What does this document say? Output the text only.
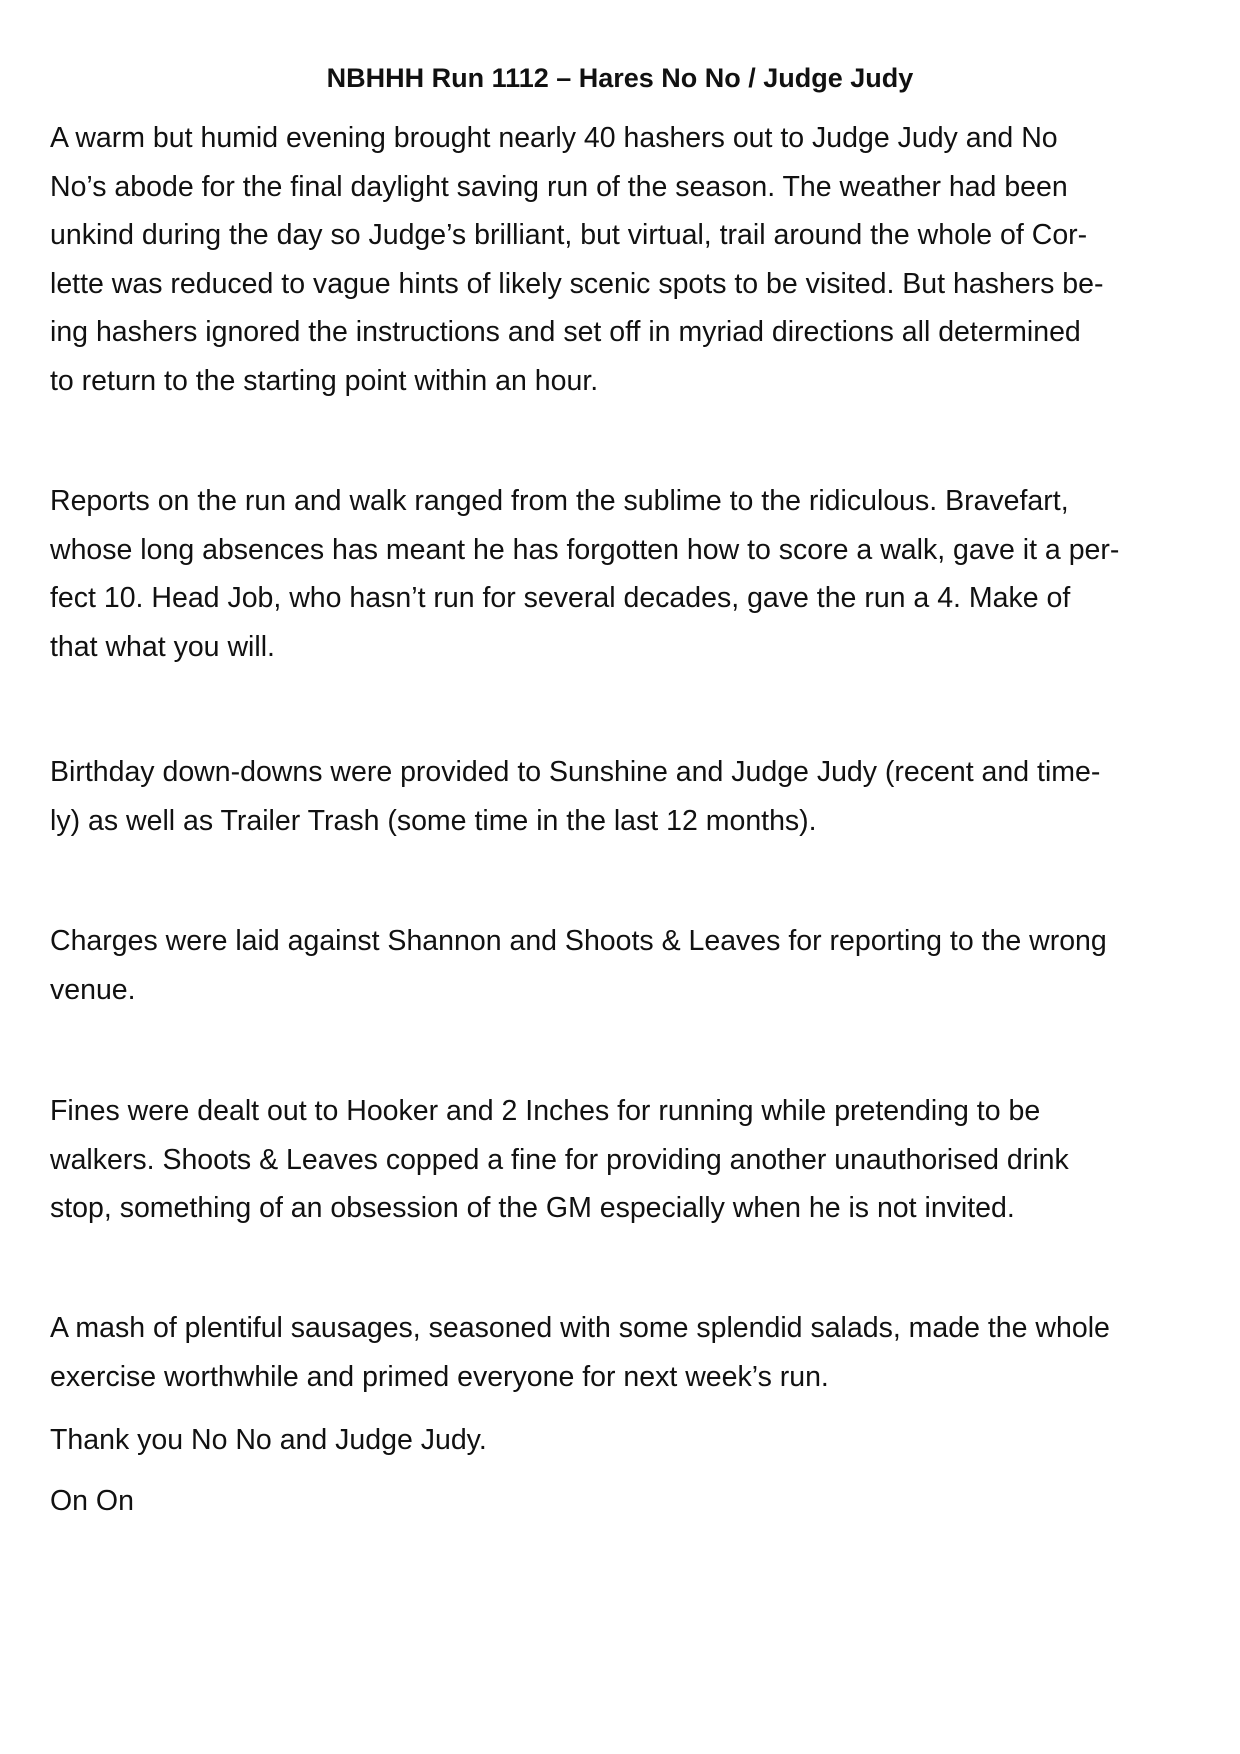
NBHHH Run 1112 – Hares No No / Judge Judy

A warm but humid evening brought nearly 40 hashers out to Judge Judy and No
No’s abode for the final daylight saving run of the season. The weather had been
unkind during the day so Judge’s brilliant, but virtual, trail around the whole of Cor-
lette was reduced to vague hints of likely scenic spots to be visited. But hashers be-
ing hashers ignored the instructions and set off in myriad directions all determined
to return to the starting point within an hour.

Reports on the run and walk ranged from the sublime to the ridiculous. Bravefart,
whose long absences has meant he has forgotten how to score a walk, gave it a per-
fect 10. Head Job, who hasn’t run for several decades, gave the run a 4. Make of
that what you will.

Birthday down-downs were provided to Sunshine and Judge Judy (recent and time-
ly) as well as Trailer Trash (some time in the last 12 months).

Charges were laid against Shannon and Shoots & Leaves for reporting to the wrong
venue.

Fines were dealt out to Hooker and 2 Inches for running while pretending to be
walkers. Shoots & Leaves copped a fine for providing another unauthorised drink
stop, something of an obsession of the GM especially when he is not invited.

A mash of plentiful sausages, seasoned with some splendid salads, made the whole
exercise worthwhile and primed everyone for next week’s run.

Thank you No No and Judge Judy.

On On
